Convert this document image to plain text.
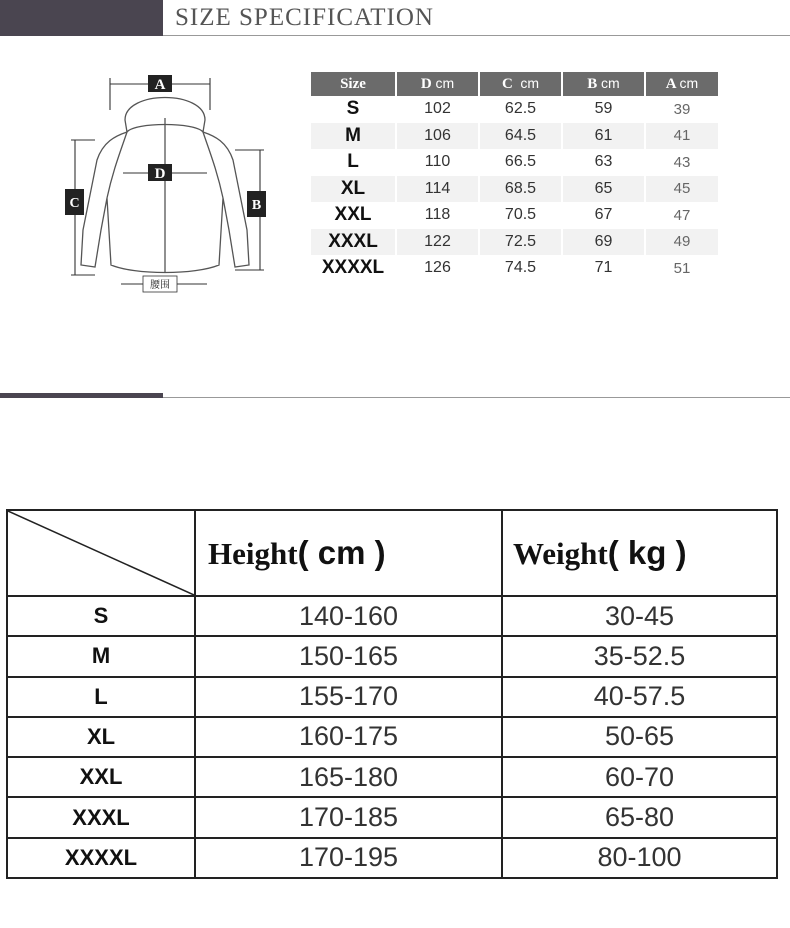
SIZE SPECIFICATION
A
D
C	B
腰围
Size	D cm	C cm	B cm	A cm
S	102	62.5	59	39
M	106	64.5	61	41
L	110	66.5	63	43
XL	114	68.5	65	45
XXL	118	70.5	67	47
XXXL	122	72.5	69	49
XXXXL	126	74.5	71	51
	Height( cm )	Weight( kg )
S	140-160	30-45
M	150-165	35-52.5
L	155-170	40-57.5
XL	160-175	50-65
XXL	165-180	60-70
XXXL	170-185	65-80
XXXXL	170-195	80-100
